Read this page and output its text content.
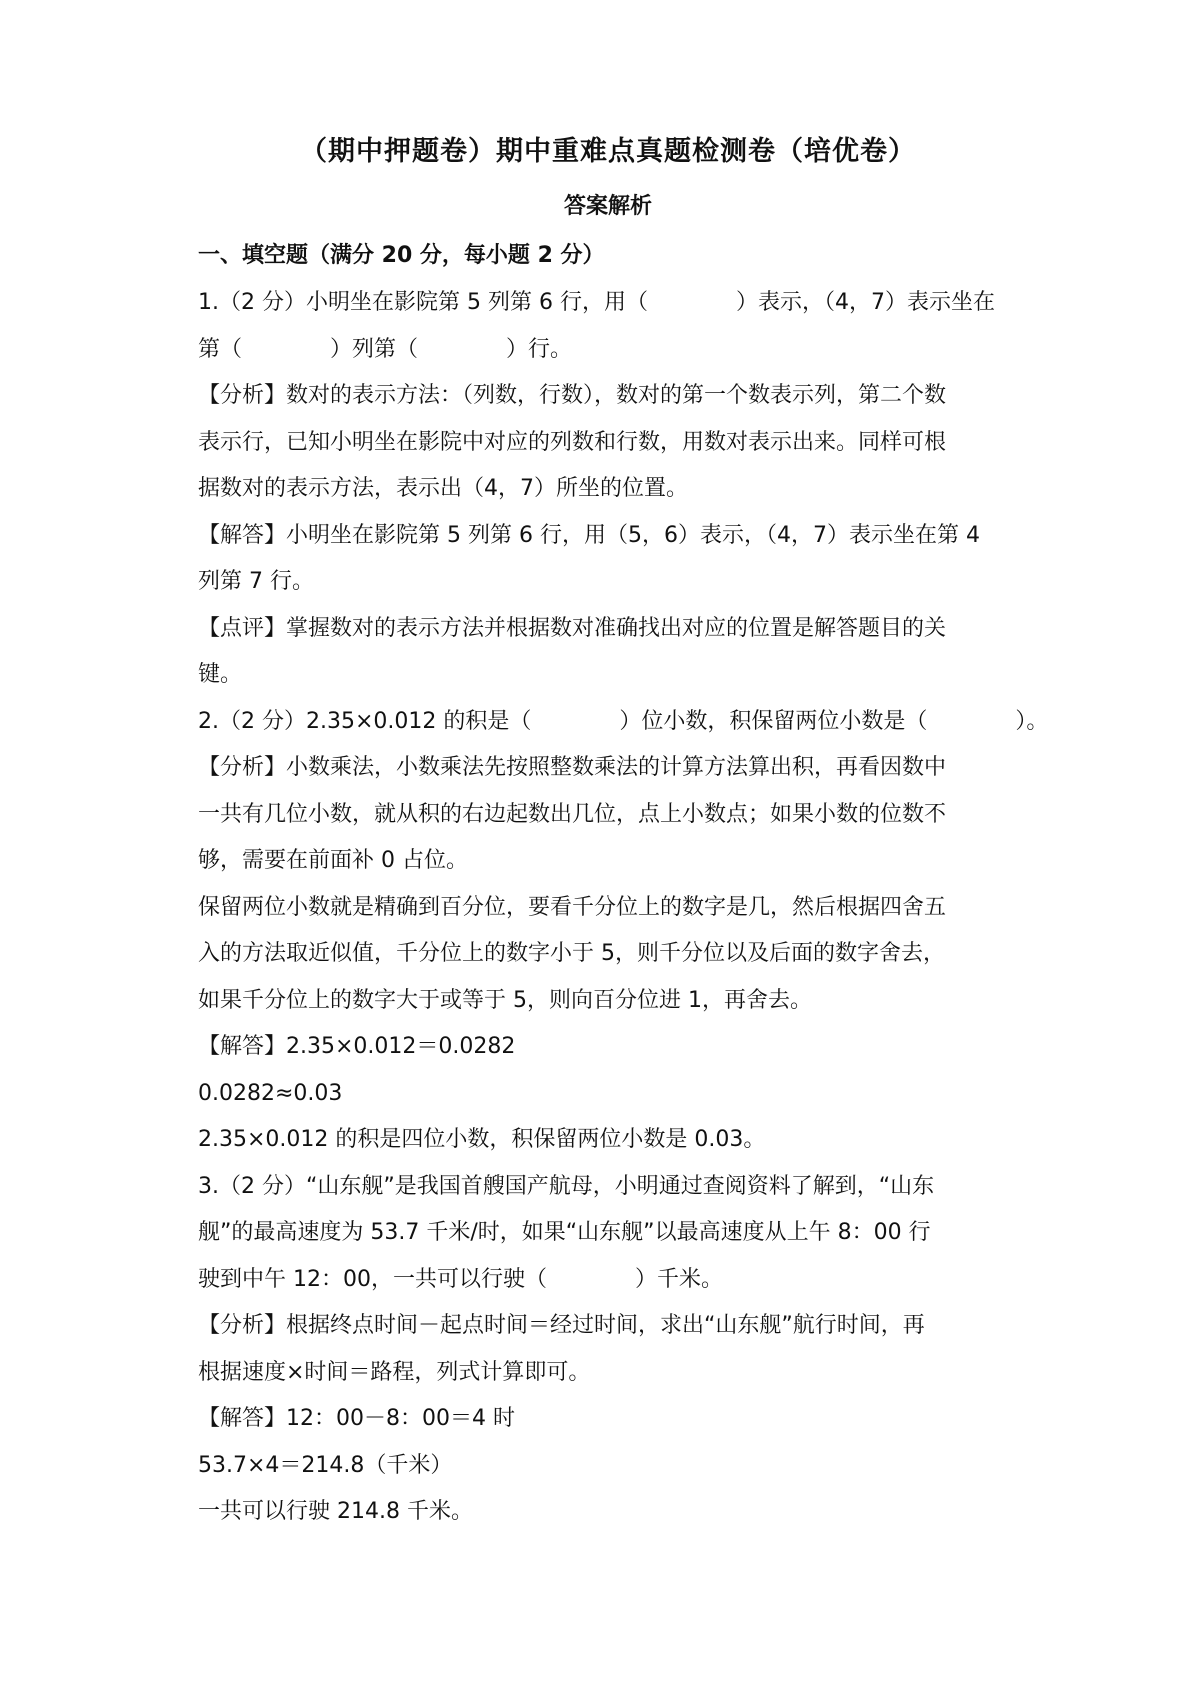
（期中押题卷）期中重难点真题检测卷（培优卷）
答案解析
一、填空题（满分 20 分，每小题 2 分）

1.（2 分）小明坐在影院第 5 列第 6 行，用（　　　　）表示，（4，7）表示坐在

第（　　　　）列第（　　　　）行。

【分析】数对的表示方法：（列数，行数），数对的第一个数表示列，第二个数

表示行，已知小明坐在影院中对应的列数和行数，用数对表示出来。同样可根

据数对的表示方法，表示出（4，7）所坐的位置。

【解答】小明坐在影院第 5 列第 6 行，用（5，6）表示，（4，7）表示坐在第 4

列第 7 行。

【点评】掌握数对的表示方法并根据数对准确找出对应的位置是解答题目的关

键。

2.（2 分）2.35×0.012 的积是（　　　　）位小数，积保留两位小数是（　　　　）。

【分析】小数乘法，小数乘法先按照整数乘法的计算方法算出积，再看因数中

一共有几位小数，就从积的右边起数出几位，点上小数点；如果小数的位数不

够，需要在前面补 0 占位。

保留两位小数就是精确到百分位，要看千分位上的数字是几，然后根据四舍五

入的方法取近似值，千分位上的数字小于 5，则千分位以及后面的数字舍去，

如果千分位上的数字大于或等于 5，则向百分位进 1，再舍去。

【解答】2.35×0.012＝0.0282

0.0282≈0.03

2.35×0.012 的积是四位小数，积保留两位小数是 0.03。

3.（2 分）“山东舰”是我国首艘国产航母，小明通过查阅资料了解到，“山东

舰”的最高速度为 53.7 千米/时，如果“山东舰”以最高速度从上午 8：00 行

驶到中午 12：00，一共可以行驶（　　　　）千米。

【分析】根据终点时间－起点时间＝经过时间，求出“山东舰”航行时间，再

根据速度×时间＝路程，列式计算即可。

【解答】12：00－8：00＝4 时

53.7×4＝214.8（千米）

一共可以行驶 214.8 千米。
